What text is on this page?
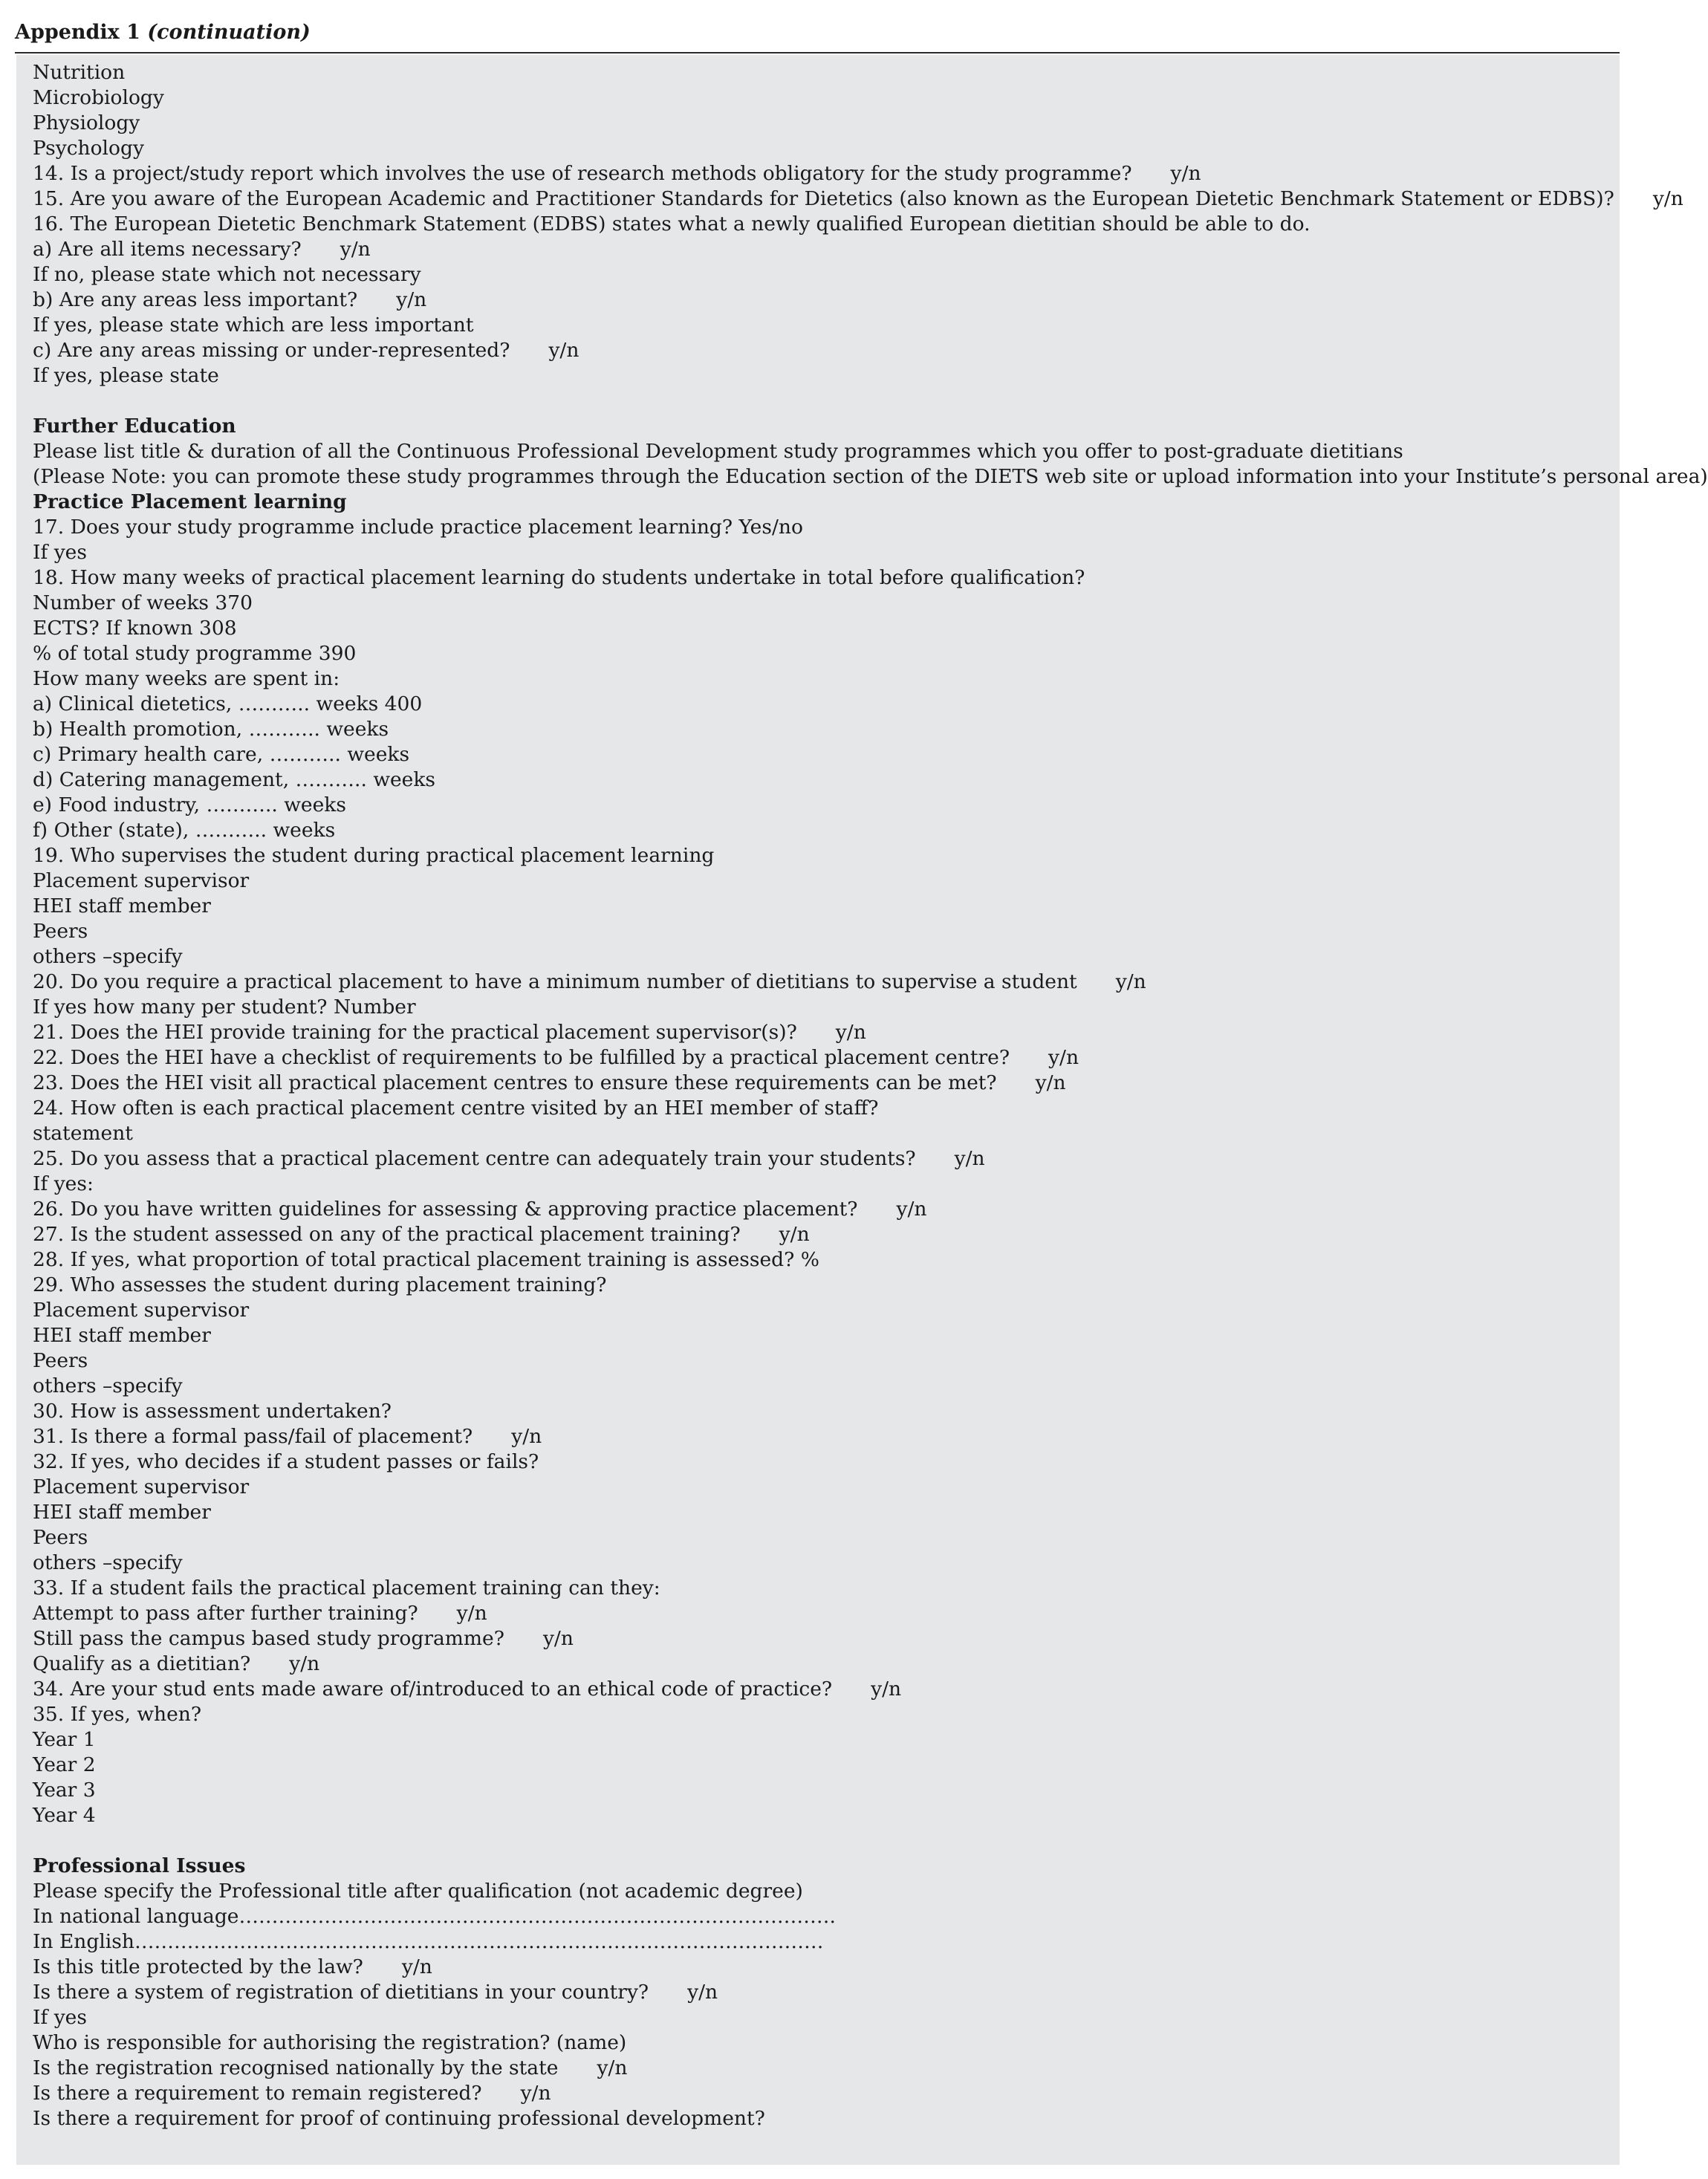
Appendix 1 (continuation)
Nutrition
Microbiology
Physiology
Psychology
14. Is a project/study report which involves the use of research methods obligatory for the study programme? y/n
15. Are you aware of the European Academic and Practitioner Standards for Dietetics (also known as the European Dietetic Benchmark Statement or EDBS)? y/n
16. The European Dietetic Benchmark Statement (EDBS) states what a newly qualified European dietitian should be able to do.
a) Are all items necessary? y/n
If no, please state which not necessary
b) Are any areas less important? y/n
If yes, please state which are less important
c) Are any areas missing or under-represented? y/n
If yes, please state
Further Education
Please list title & duration of all the Continuous Professional Development study programmes which you offer to post-graduate dietitians
(Please Note: you can promote these study programmes through the Education section of the DIETS web site or upload information into your Institute’s personal area)
Practice Placement learning
17. Does your study programme include practice placement learning? Yes/no
If yes
18. How many weeks of practical placement learning do students undertake in total before qualification?
Number of weeks 370
ECTS? If known 308
% of total study programme 390
How many weeks are spent in:
a) Clinical dietetics, ……….. weeks 400
b) Health promotion, ……….. weeks
c) Primary health care, ……….. weeks
d) Catering management, ……….. weeks
e) Food industry, ……….. weeks
f) Other (state), ……….. weeks
19. Who supervises the student during practical placement learning
Placement supervisor
HEI staff member
Peers
others –specify
20. Do you require a practical placement to have a minimum number of dietitians to supervise a student y/n
If yes how many per student? Number
21. Does the HEI provide training for the practical placement supervisor(s)? y/n
22. Does the HEI have a checklist of requirements to be fulfilled by a practical placement centre? y/n
23. Does the HEI visit all practical placement centres to ensure these requirements can be met? y/n
24. How often is each practical placement centre visited by an HEI member of staff?
statement
25. Do you assess that a practical placement centre can adequately train your students? y/n
If yes:
26. Do you have written guidelines for assessing & approving practice placement? y/n
27. Is the student assessed on any of the practical placement training? y/n
28. If yes, what proportion of total practical placement training is assessed? %
29. Who assesses the student during placement training?
Placement supervisor
HEI staff member
Peers
others –specify
30. How is assessment undertaken?
31. Is there a formal pass/fail of placement? y/n
32. If yes, who decides if a student passes or fails?
Placement supervisor
HEI staff member
Peers
others –specify
33. If a student fails the practical placement training can they:
Attempt to pass after further training? y/n
Still pass the campus based study programme? y/n
Qualify as a dietitian? y/n
34. Are your stud ents made aware of/introduced to an ethical code of practice? y/n
35. If yes, when?
Year 1
Year 2
Year 3
Year 4
Professional Issues
Please specify the Professional title after qualification (not academic degree)
In national language……………………………………………………………………………….
In English……………………………………………………………………………………………
Is this title protected by the law? y/n
Is there a system of registration of dietitians in your country? y/n
If yes
Who is responsible for authorising the registration? (name)
Is the registration recognised nationally by the state y/n
Is there a requirement to remain registered? y/n
Is there a requirement for proof of continuing professional development?
